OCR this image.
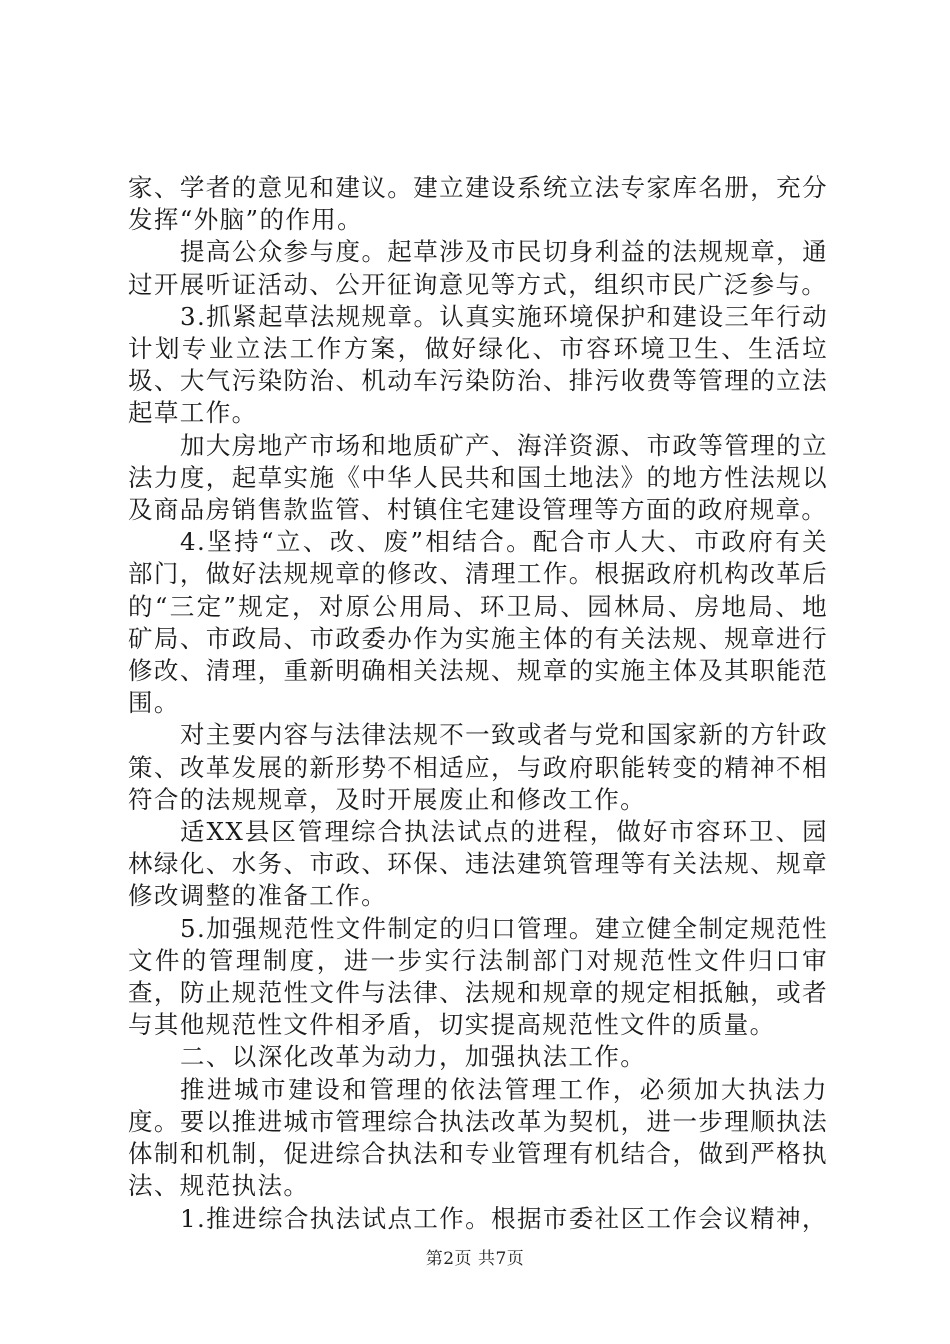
家、学者的意见和建议。建立建设系统立法专家库名册，充分发挥“外脑”的作用。

提高公众参与度。起草涉及市民切身利益的法规规章，通过开展听证活动、公开征询意见等方式，组织市民广泛参与。

3.抓紧起草法规规章。认真实施环境保护和建设三年行动计划专业立法工作方案，做好绿化、市容环境卫生、生活垃圾、大气污染防治、机动车污染防治、排污收费等管理的立法起草工作。

加大房地产市场和地质矿产、海洋资源、市政等管理的立法力度，起草实施《中华人民共和国土地法》的地方性法规以及商品房销售款监管、村镇住宅建设管理等方面的政府规章。

4.坚持“立、改、废”相结合。配合市人大、市政府有关部门，做好法规规章的修改、清理工作。根据政府机构改革后的“三定”规定，对原公用局、环卫局、园林局、房地局、地矿局、市政局、市政委办作为实施主体的有关法规、规章进行修改、清理，重新明确相关法规、规章的实施主体及其职能范围。

对主要内容与法律法规不一致或者与党和国家新的方针政策、改革发展的新形势不相适应，与政府职能转变的精神不相符合的法规规章，及时开展废止和修改工作。

适XX县区管理综合执法试点的进程，做好市容环卫、园林绿化、水务、市政、环保、违法建筑管理等有关法规、规章修改调整的准备工作。

5.加强规范性文件制定的归口管理。建立健全制定规范性文件的管理制度，进一步实行法制部门对规范性文件归口审查，防止规范性文件与法律、法规和规章的规定相抵触，或者与其他规范性文件相矛盾，切实提高规范性文件的质量。

二、以深化改革为动力，加强执法工作。

推进城市建设和管理的依法管理工作，必须加大执法力度。要以推进城市管理综合执法改革为契机，进一步理顺执法体制和机制，促进综合执法和专业管理有机结合，做到严格执法、规范执法。

1.推进综合执法试点工作。根据市委社区工作会议精神，

第2页 共7页
